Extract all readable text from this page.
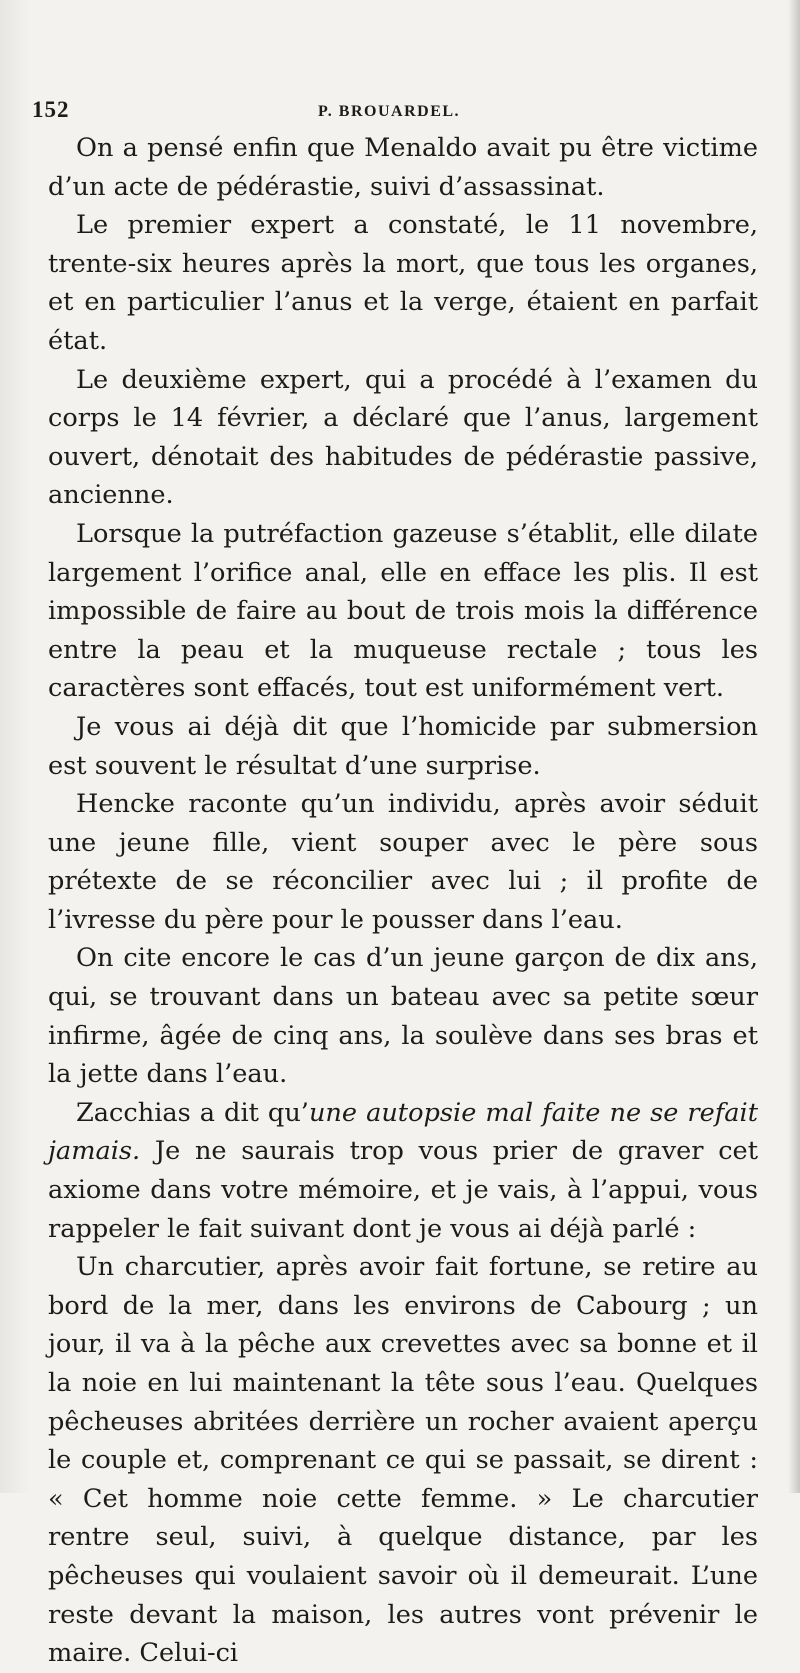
152	P. BROUARDEL.

On a pensé enfin que Menaldo avait pu être victime d’un acte de pédérastie, suivi d’assassinat.

Le premier expert a constaté, le 11 novembre, trente-six heures après la mort, que tous les organes, et en particulier l’anus et la verge, étaient en parfait état.

Le deuxième expert, qui a procédé à l’examen du corps le 14 février, a déclaré que l’anus, largement ouvert, dénotait des habitudes de pédérastie passive, ancienne.

Lorsque la putréfaction gazeuse s’établit, elle dilate largement l’orifice anal, elle en efface les plis. Il est impossible de faire au bout de trois mois la différence entre la peau et la muqueuse rectale ; tous les caractères sont effacés, tout est uniformément vert.

Je vous ai déjà dit que l’homicide par submersion est souvent le résultat d’une surprise.

Hencke raconte qu’un individu, après avoir séduit une jeune fille, vient souper avec le père sous prétexte de se réconcilier avec lui ; il profite de l’ivresse du père pour le pousser dans l’eau.

On cite encore le cas d’un jeune garçon de dix ans, qui, se trouvant dans un bateau avec sa petite sœur infirme, âgée de cinq ans, la soulève dans ses bras et la jette dans l’eau.

Zacchias a dit qu’une autopsie mal faite ne se refait jamais. Je ne saurais trop vous prier de graver cet axiome dans votre mémoire, et je vais, à l’appui, vous rappeler le fait suivant dont je vous ai déjà parlé :

Un charcutier, après avoir fait fortune, se retire au bord de la mer, dans les environs de Cabourg ; un jour, il va à la pêche aux crevettes avec sa bonne et il la noie en lui maintenant la tête sous l’eau. Quelques pêcheuses abritées derrière un rocher avaient aperçu le couple et, comprenant ce qui se passait, se dirent : « Cet homme noie cette femme. » Le charcutier rentre seul, suivi, à quelque distance, par les pêcheuses qui voulaient savoir où il demeurait. L’une reste devant la maison, les autres vont prévenir le maire. Celui-ci
